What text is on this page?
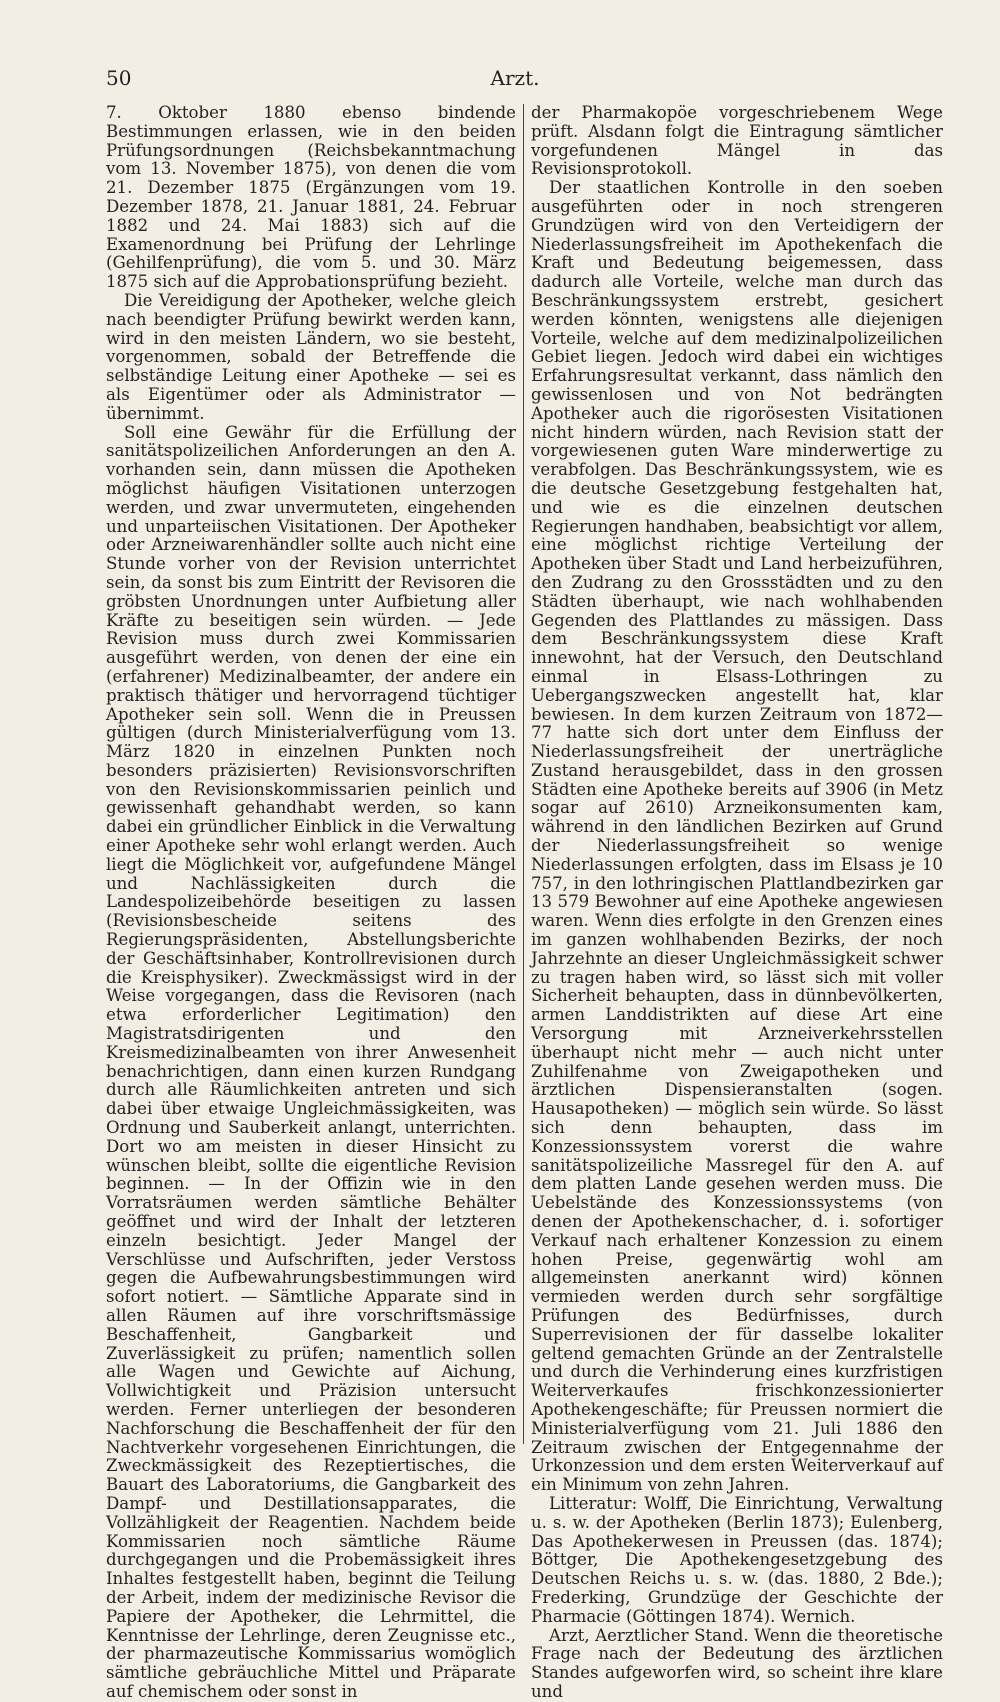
50	Arzt.

7. Oktober 1880 ebenso bindende Bestimmungen erlassen, wie in den beiden Prüfungsordnungen (Reichsbekanntmachung vom 13. November 1875), von denen die vom 21. Dezember 1875 (Ergänzungen vom 19. Dezember 1878, 21. Januar 1881, 24. Februar 1882 und 24. Mai 1883) sich auf die Examenordnung bei Prüfung der Lehrlinge (Gehilfenprüfung), die vom 5. und 30. März 1875 sich auf die Approbationsprüfung bezieht.

Die Vereidigung der Apotheker, welche gleich nach beendigter Prüfung bewirkt werden kann, wird in den meisten Ländern, wo sie besteht, vorgenommen, sobald der Betreffende die selbständige Leitung einer Apotheke — sei es als Eigentümer oder als Administrator — übernimmt.

Soll eine Gewähr für die Erfüllung der sanitätspolizeilichen Anforderungen an den A. vorhanden sein, dann müssen die Apotheken möglichst häufigen Visitationen unterzogen werden, und zwar unvermuteten, eingehenden und unparteiischen Visitationen. Der Apotheker oder Arzneiwarenhändler sollte auch nicht eine Stunde vorher von der Revision unterrichtet sein, da sonst bis zum Eintritt der Revisoren die gröbsten Unordnungen unter Aufbietung aller Kräfte zu beseitigen sein würden. — Jede Revision muss durch zwei Kommissarien ausgeführt werden, von denen der eine ein (erfahrener) Medizinalbeamter, der andere ein praktisch thätiger und hervorragend tüchtiger Apotheker sein soll. Wenn die in Preussen gültigen (durch Ministerialverfügung vom 13. März 1820 in einzelnen Punkten noch besonders präzisierten) Revisionsvorschriften von den Revisionskommissarien peinlich und gewissenhaft gehandhabt werden, so kann dabei ein gründlicher Einblick in die Verwaltung einer Apotheke sehr wohl erlangt werden. Auch liegt die Möglichkeit vor, aufgefundene Mängel und Nachlässigkeiten durch die Landespolizeibehörde beseitigen zu lassen (Revisionsbescheide seitens des Regierungspräsidenten, Abstellungsberichte der Geschäftsinhaber, Kontrollrevisionen durch die Kreisphysiker). Zweckmässigst wird in der Weise vorgegangen, dass die Revisoren (nach etwa erforderlicher Legitimation) den Magistratsdirigenten und den Kreismedizinalbeamten von ihrer Anwesenheit benachrichtigen, dann einen kurzen Rundgang durch alle Räumlichkeiten antreten und sich dabei über etwaige Ungleichmässigkeiten, was Ordnung und Sauberkeit anlangt, unterrichten. Dort wo am meisten in dieser Hinsicht zu wünschen bleibt, sollte die eigentliche Revision beginnen. — In der Offizin wie in den Vorratsräumen werden sämtliche Behälter geöffnet und wird der Inhalt der letzteren einzeln besichtigt. Jeder Mangel der Verschlüsse und Aufschriften, jeder Verstoss gegen die Aufbewahrungsbestimmungen wird sofort notiert. — Sämtliche Apparate sind in allen Räumen auf ihre vorschriftsmässige Beschaffenheit, Gangbarkeit und Zuverlässigkeit zu prüfen; namentlich sollen alle Wagen und Gewichte auf Aichung, Vollwichtigkeit und Präzision untersucht werden. Ferner unterliegen der besonderen Nachforschung die Beschaffenheit der für den Nachtverkehr vorgesehenen Einrichtungen, die Zweckmässigkeit des Rezeptiertisches, die Bauart des Laboratoriums, die Gangbarkeit des Dampf- und Destillationsapparates, die Vollzähligkeit der Reagentien. Nachdem beide Kommissarien noch sämtliche Räume durchgegangen und die Probemässigkeit ihres Inhaltes festgestellt haben, beginnt die Teilung der Arbeit, indem der medizinische Revisor die Papiere der Apotheker, die Lehrmittel, die Kenntnisse der Lehrlinge, deren Zeugnisse etc., der pharmazeutische Kommissarius womöglich sämtliche gebräuchliche Mittel und Präparate auf chemischem oder sonst in

der Pharmakopöe vorgeschriebenem Wege prüft. Alsdann folgt die Eintragung sämtlicher vorgefundenen Mängel in das Revisionsprotokoll.

Der staatlichen Kontrolle in den soeben ausgeführten oder in noch strengeren Grundzügen wird von den Verteidigern der Niederlassungsfreiheit im Apothekenfach die Kraft und Bedeutung beigemessen, dass dadurch alle Vorteile, welche man durch das Beschränkungssystem erstrebt, gesichert werden könnten, wenigstens alle diejenigen Vorteile, welche auf dem medizinalpolizeilichen Gebiet liegen. Jedoch wird dabei ein wichtiges Erfahrungsresultat verkannt, dass nämlich den gewissenlosen und von Not bedrängten Apotheker auch die rigorösesten Visitationen nicht hindern würden, nach Revision statt der vorgewiesenen guten Ware minderwertige zu verabfolgen. Das Beschränkungssystem, wie es die deutsche Gesetzgebung festgehalten hat, und wie es die einzelnen deutschen Regierungen handhaben, beabsichtigt vor allem, eine möglichst richtige Verteilung der Apotheken über Stadt und Land herbeizuführen, den Zudrang zu den Grossstädten und zu den Städten überhaupt, wie nach wohlhabenden Gegenden des Plattlandes zu mässigen. Dass dem Beschränkungssystem diese Kraft innewohnt, hat der Versuch, den Deutschland einmal in Elsass-Lothringen zu Uebergangszwecken angestellt hat, klar bewiesen. In dem kurzen Zeitraum von 1872—77 hatte sich dort unter dem Einfluss der Niederlassungsfreiheit der unerträgliche Zustand herausgebildet, dass in den grossen Städten eine Apotheke bereits auf 3906 (in Metz sogar auf 2610) Arzneikonsumenten kam, während in den ländlichen Bezirken auf Grund der Niederlassungsfreiheit so wenige Niederlassungen erfolgten, dass im Elsass je 10 757, in den lothringischen Plattlandbezirken gar 13 579 Bewohner auf eine Apotheke angewiesen waren. Wenn dies erfolgte in den Grenzen eines im ganzen wohlhabenden Bezirks, der noch Jahrzehnte an dieser Ungleichmässigkeit schwer zu tragen haben wird, so lässt sich mit voller Sicherheit behaupten, dass in dünnbevölkerten, armen Landdistrikten auf diese Art eine Versorgung mit Arzneiverkehrsstellen überhaupt nicht mehr — auch nicht unter Zuhilfenahme von Zweigapotheken und ärztlichen Dispensieranstalten (sogen. Hausapotheken) — möglich sein würde. So lässt sich denn behaupten, dass im Konzessionssystem vorerst die wahre sanitätspolizeiliche Massregel für den A. auf dem platten Lande gesehen werden muss. Die Uebelstände des Konzessionssystems (von denen der Apothekenschacher, d. i. sofortiger Verkauf nach erhaltener Konzession zu einem hohen Preise, gegenwärtig wohl am allgemeinsten anerkannt wird) können vermieden werden durch sehr sorgfältige Prüfungen des Bedürfnisses, durch Superrevisionen der für dasselbe lokaliter geltend gemachten Gründe an der Zentralstelle und durch die Verhinderung eines kurzfristigen Weiterverkaufes frischkonzessionierter Apothekengeschäfte; für Preussen normiert die Ministerialverfügung vom 21. Juli 1886 den Zeitraum zwischen der Entgegennahme der Urkonzession und dem ersten Weiterverkauf auf ein Minimum von zehn Jahren.

Litteratur: Wolff, Die Einrichtung, Verwaltung u. s. w. der Apotheken (Berlin 1873); Eulenberg, Das Apothekerwesen in Preussen (das. 1874); Böttger, Die Apothekengesetzgebung des Deutschen Reichs u. s. w. (das. 1880, 2 Bde.); Frederking, Grundzüge der Geschichte der Pharmacie (Göttingen 1874). Wernich.

Arzt, Aerztlicher Stand. Wenn die theoretische Frage nach der Bedeutung des ärztlichen Standes aufgeworfen wird, so scheint ihre klare und
